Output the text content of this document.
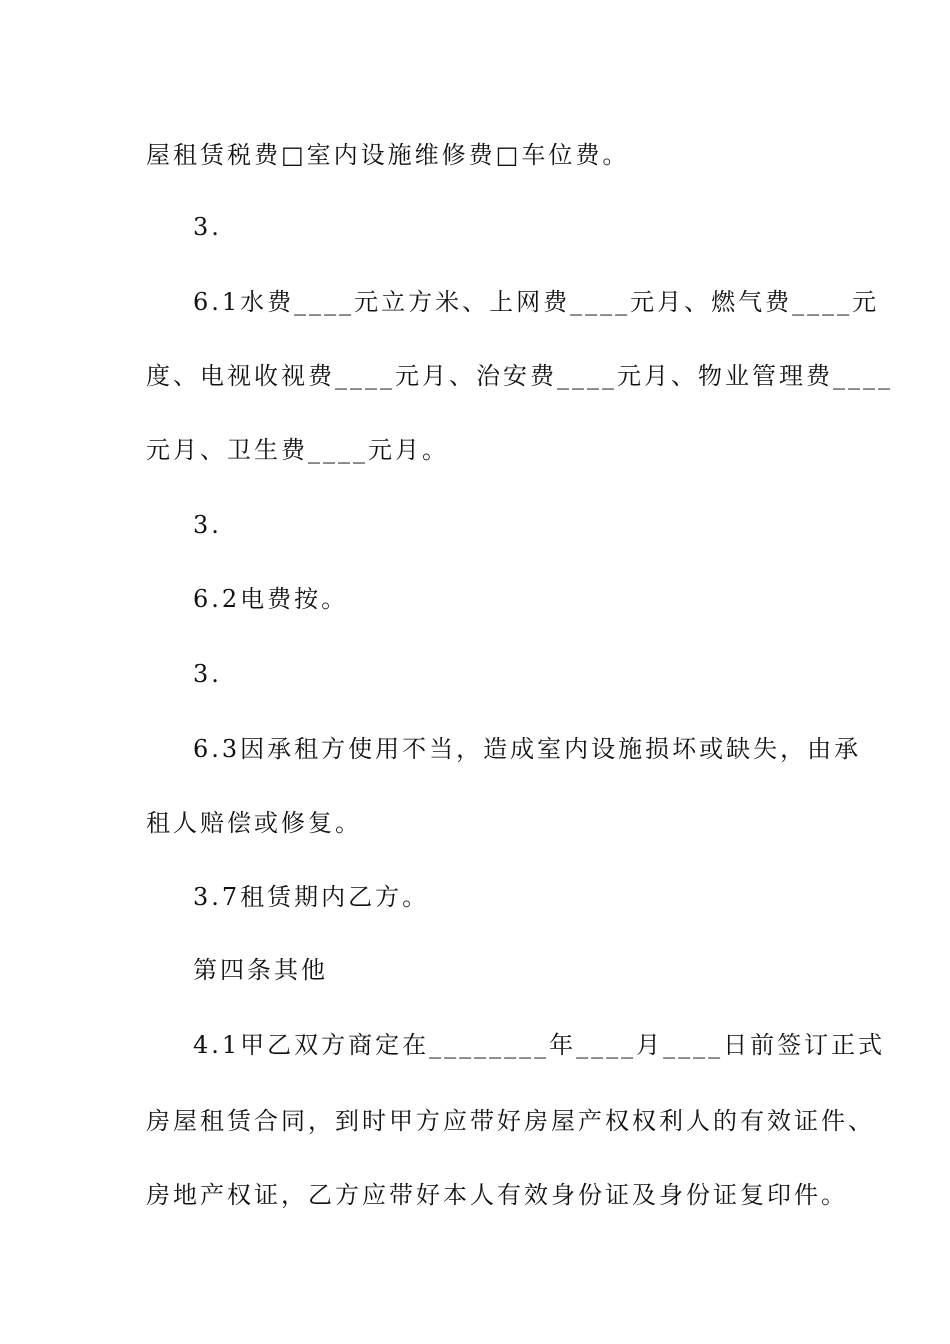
屋租赁税费□室内设施维修费□车位费。
3.
6.1水费____元立方米、上网费____元月、燃气费____元
度、电视收视费____元月、治安费____元月、物业管理费____
元月、卫生费____元月。
3.
6.2电费按。
3.
6.3因承租方使用不当，造成室内设施损坏或缺失，由承
租人赔偿或修复。
3.7租赁期内乙方。
第四条其他
4.1甲乙双方商定在________年____月____日前签订正式
房屋租赁合同，到时甲方应带好房屋产权权利人的有效证件、
房地产权证，乙方应带好本人有效身份证及身份证复印件。
